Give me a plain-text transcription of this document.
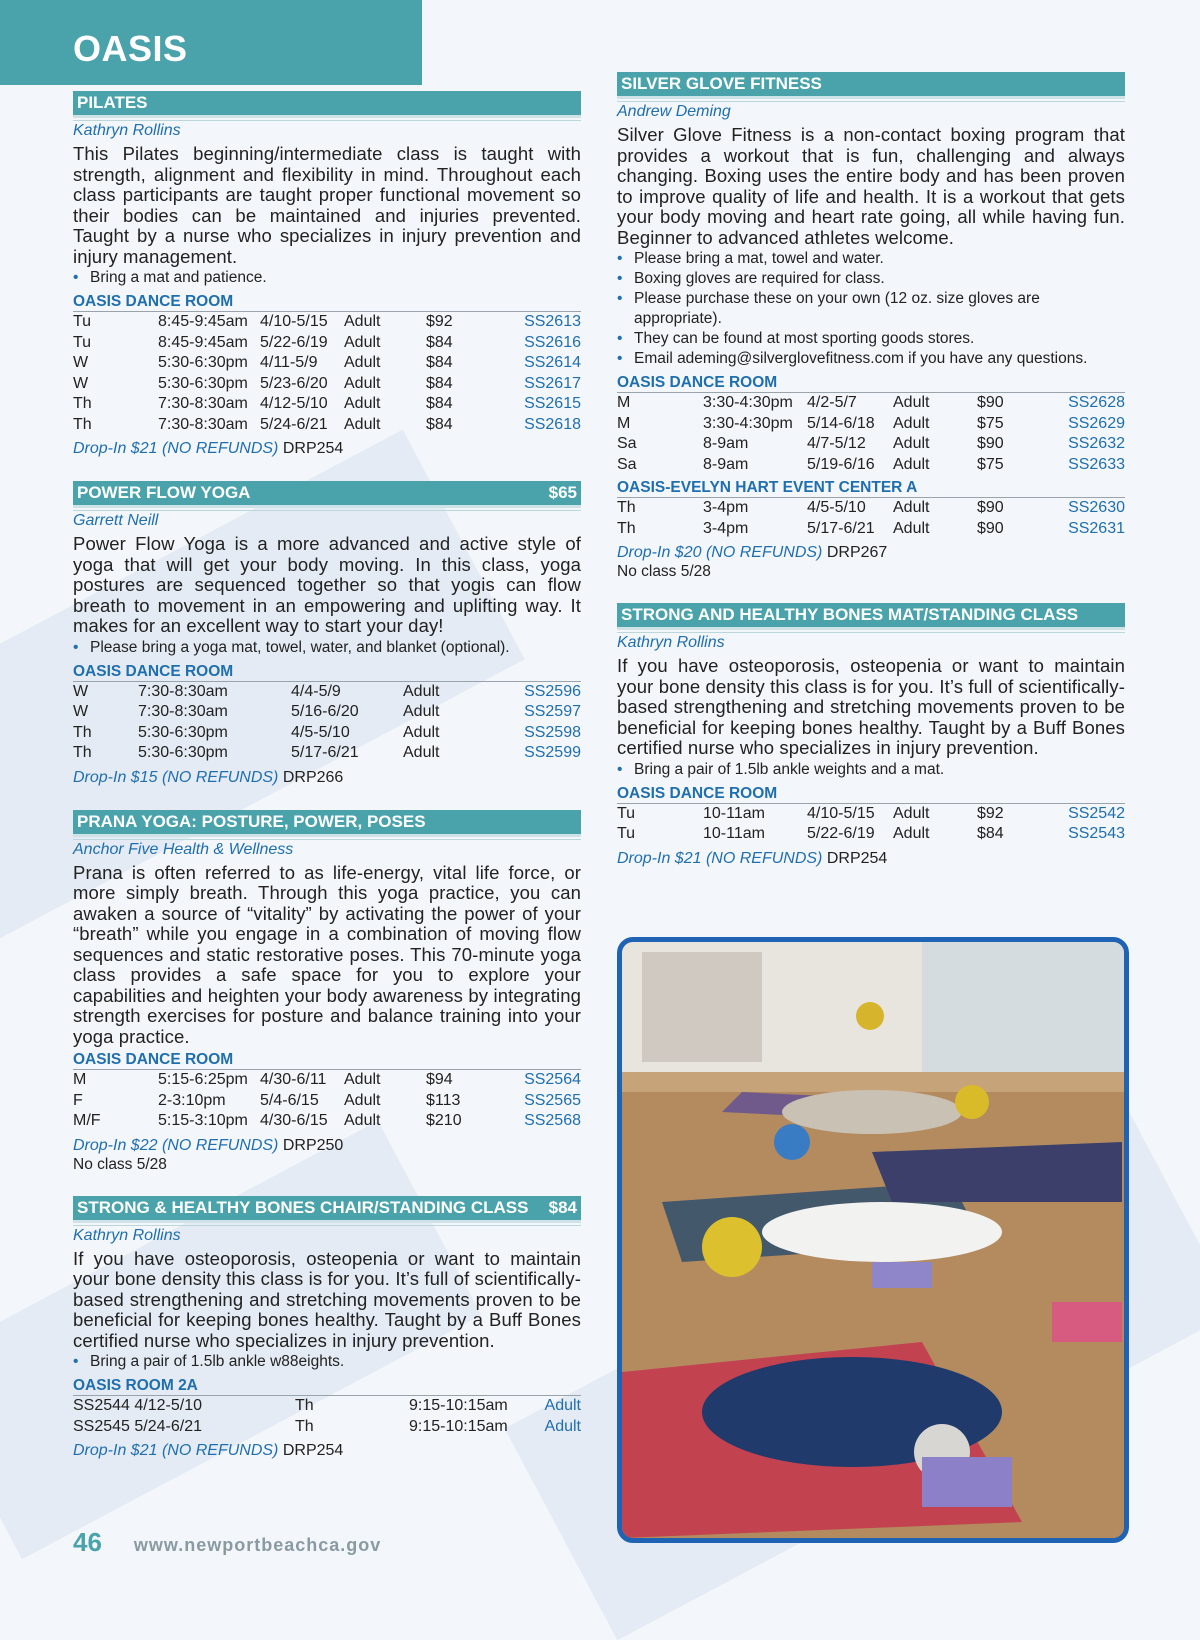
OASIS
PILATES
Kathryn Rollins

This Pilates beginning/intermediate class is taught with strength, alignment and flexibility in mind. Throughout each class participants are taught proper functional movement so their bodies can be maintained and injuries prevented. Taught by a nurse who specializes in injury prevention and injury management.

• Bring a mat and patience.
OASIS DANCE ROOM
Tu	8:45-9:45am	4/10-5/15	Adult	$92	SS2613
Tu	8:45-9:45am	5/22-6/19	Adult	$84	SS2616
W	5:30-6:30pm	4/11-5/9	Adult	$84	SS2614
W	5:30-6:30pm	5/23-6/20	Adult	$84	SS2617
Th	7:30-8:30am	4/12-5/10	Adult	$84	SS2615
Th	7:30-8:30am	5/24-6/21	Adult	$84	SS2618
Drop-In $21 (NO REFUNDS) DRP254
POWER FLOW YOGA	$65
Garrett Neill

Power Flow Yoga is a more advanced and active style of yoga that will get your body moving. In this class, yoga postures are sequenced together so that yogis can flow breath to movement in an empowering and uplifting way. It makes for an excellent way to start your day!

• Please bring a yoga mat, towel, water, and blanket (optional).
OASIS DANCE ROOM
W	7:30-8:30am	4/4-5/9	Adult		SS2596
W	7:30-8:30am	5/16-6/20	Adult		SS2597
Th	5:30-6:30pm	4/5-5/10	Adult		SS2598
Th	5:30-6:30pm	5/17-6/21	Adult		SS2599
Drop-In $15 (NO REFUNDS) DRP266
PRANA YOGA: POSTURE, POWER, POSES
Anchor Five Health & Wellness

Prana is often referred to as life-energy, vital life force, or more simply breath. Through this yoga practice, you can awaken a source of “vitality” by activating the power of your “breath” while you engage in a combination of moving flow sequences and static restorative poses. This 70-minute yoga class provides a safe space for you to explore your capabilities and heighten your body awareness by integrating strength exercises for posture and balance training into your yoga practice.

OASIS DANCE ROOM
M	5:15-6:25pm	4/30-6/11	Adult	$94	SS2564
F	2-3:10pm	5/4-6/15	Adult	$113	SS2565
M/F	5:15-3:10pm	4/30-6/15	Adult	$210	SS2568
Drop-In $22 (NO REFUNDS) DRP250
No class 5/28
STRONG & HEALTHY BONES CHAIR/STANDING CLASS $84
Kathryn Rollins

If you have osteoporosis, osteopenia or want to maintain your bone density this class is for you. It’s full of scientifically-based strengthening and stretching movements proven to be beneficial for keeping bones healthy. Taught by a Buff Bones certified nurse who specializes in injury prevention.

• Bring a pair of 1.5lb ankle w88eights.
OASIS ROOM 2A
SS2544 4/12-5/10	Th	9:15-10:15am	Adult
SS2545 5/24-6/21	Th	9:15-10:15am	Adult
Drop-In $21 (NO REFUNDS) DRP254
SILVER GLOVE FITNESS
Andrew Deming

Silver Glove Fitness is a non-contact boxing program that provides a workout that is fun, challenging and always changing. Boxing uses the entire body and has been proven to improve quality of life and health. It is a workout that gets your body moving and heart rate going, all while having fun. Beginner to advanced athletes welcome.

• Please bring a mat, towel and water.
• Boxing gloves are required for class.
• Please purchase these on your own (12 oz. size gloves are appropriate).
• They can be found at most sporting goods stores.
• Email ademing@silverglovefitness.com if you have any questions.
OASIS DANCE ROOM
M	3:30-4:30pm	4/2-5/7	Adult	$90	SS2628
M	3:30-4:30pm	5/14-6/18	Adult	$75	SS2629
Sa	8-9am	4/7-5/12	Adult	$90	SS2632
Sa	8-9am	5/19-6/16	Adult	$75	SS2633
OASIS-EVELYN HART EVENT CENTER A
Th	3-4pm	4/5-5/10	Adult	$90	SS2630
Th	3-4pm	5/17-6/21	Adult	$90	SS2631
Drop-In $20 (NO REFUNDS) DRP267
No class 5/28
STRONG AND HEALTHY BONES MAT/STANDING CLASS
Kathryn Rollins

If you have osteoporosis, osteopenia or want to maintain your bone density this class is for you. It’s full of scientifically-based strengthening and stretching movements proven to be beneficial for keeping bones healthy. Taught by a Buff Bones certified nurse who specializes in injury prevention.

• Bring a pair of 1.5lb ankle weights and a mat.
OASIS DANCE ROOM
Tu	10-11am	4/10-5/15	Adult	$92	SS2542
Tu	10-11am	5/22-6/19	Adult	$84	SS2543
Drop-In $21 (NO REFUNDS) DRP254
46 www.newportbeachca.gov
